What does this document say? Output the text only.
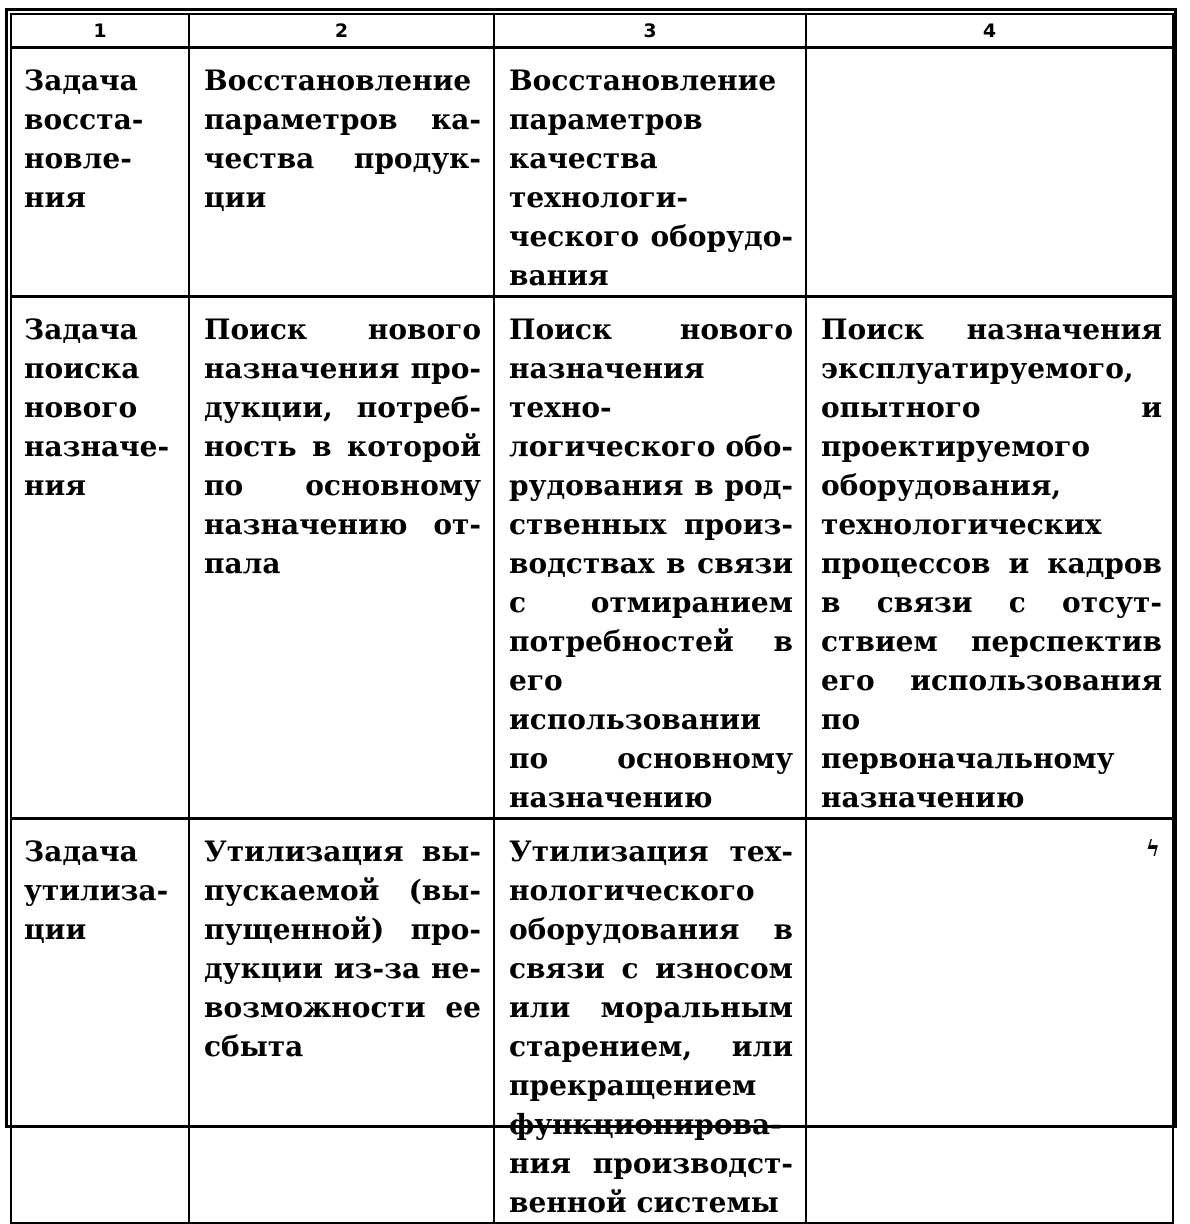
1	2	3	4

Задача восстановления	Восстановление параметров качества продукции	Восстановление параметров качества технологического оборудования	

Задача поиска нового назначения	Поиск нового назначения продукции, потребность в которой по основному назначению отпала	Поиск нового назначения технологического оборудования в родственных производствах в связи с отмиранием потребностей в его использовании по основному назначению	Поиск назначения эксплуатируемого, опытного и проектируемого оборудования, технологических процессов и кадров в связи с отсутствием перспектив его использования по первоначальному назначению

Задача утилизации	Утилизация выпускаемой (выпущенной) продукции из-за невозможности ее сбыта	Утилизация технологического оборудования в связи с износом или моральным старением, или прекращением функционирования производственной системы	ϟ
